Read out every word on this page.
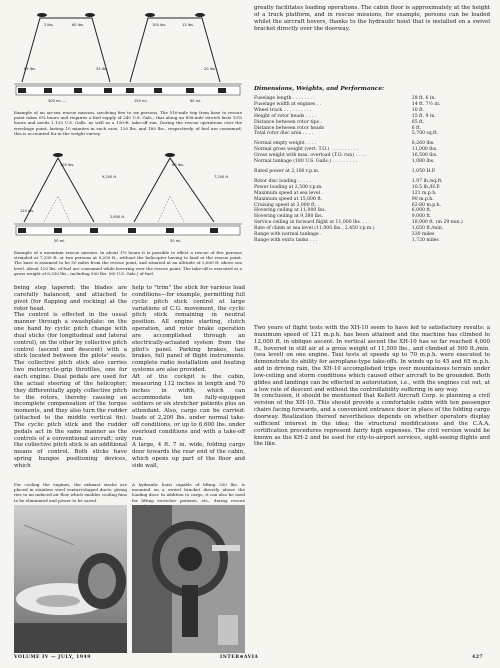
2 lbs.	60 lbs.	100 lbs.	13 lbs.
89 lbs.	53 lbs.	20 lbs.
300 mi. ---	150 mi.	60 mi.
Example of an air-sea rescue mission, involving five to six persons. The 516-mile trip from base to rescue point takes 6¼ hours and requires a fuel supply of 240 U.S. Gals.; that along an 858-mile stretch lasts 10¾ hours and needs 1,120 U.S. Galls. as well as a 150-ft. take-off run. During the rescue operations over the wreckage point, lasting 10 minutes in each case, 120 lbs. and 180 lbs., respectively, of fuel are consumed; this is accounted for in the weight survey.
300 lbs.	60 lbs.
120 lbs.
9,200 ft.	7,200 ft.
2,600 ft.
50 mi.	50 mi.
Example of a mountain rescue mission. In about 1½ hours it is possible to effect a rescue of five persons stranded at 7,200 ft. or two persons at 9,200 ft., without the helicopter having to land at the rescue point. The base is assumed to be 50 miles from the rescue point, and situated at an altitude of 2,600 ft. above sea level. About 120 lbs. of fuel are consumed while hovering over the rescue point. The take-off is executed at a gross weight of 8,330 lbs., including 500 lbs. (60 U.S. Gals.) of fuel.
being step tapered; the blades are carefully balanced, and attached to pivot (for flapping and rocking) at the rotor head.
The control is effected in the usual manner through a swashplate: on the one hand by cyclic pitch change with dual sticks (for longitudinal and lateral control), on the other by collective pitch control (ascent and descent) with a stick located between the pilots' seats. The collective pitch stick also carries two motorcycle-grip throttles, one for each engine. Dual pedals are used for the actual steering of the helicopter; they differentially apply collective pitch to the rotors, thereby causing an incomplete compensation of the torque moments, and they also turn the rudder (attached to the middle vertical fin). The cyclic pitch stick and the rudder pedals act in the same manner as the controls of a conventional aircraft; only the collective pitch stick is an additional means of control. Both sticks have spring bungee positioning devices, which
help to "trim" the stick for various load conditions—for example, permitting full cyclic pitch stick control at large variations of C.G. movement, the cyclic pitch stick remaining in neutral position. All engine starting, clutch operation, and rotor brake operation are accomplished through an electrically-actuated system from the pilot's panel. Parking brakes, taxi brakes, full panel of flight instruments, complete radio installation and heating systems are also provided.
Aft of the cockpit is the cabin, measuring 112 inches in length and 70 inches in width, which can accommodate ten fully-equipped soldiers or six stretcher patients plus an attendant. Also, cargo can be carried: loads of 2,200 lbs. under normal take-off conditions, or up to 6,600 lbs. under overload conditions and with a take-off run.
A large, 4 ft. 7 in. wide, folding cargo door towards the rear end of the cabin, which opens up part of the floor and side wall,
For cooling the engines, the exhaust stacks are placed in stainless steel venturi-shaped ducts, giving rise to an induced air flow which enables cooling fans to be eliminated and power to be saved.
A hydraulic hoist capable of lifting 250 lbs. is mounted on a swivel bracket directly above the loading door. In addition to cargo, it can also be used for lifting stretcher patients, etc., during rescue
greatly facilitates loading operations. The cabin floor is approximately at the height of a truck platform, and in rescue missions, for example, persons can be loaded whilst the aircraft hovers, thanks to the hydraulic hoist that is installed on a swivel bracket directly over the doorway.
Dimensions, Weights, and Performance:
Fuselage length . . . . . . . .	28 ft. 6 in.
Fuselage width at engines . .	14 ft. 7½ in.
Wheel track . . . . . . . . . .	10 ft.
Height of rotor heads . . . .	15 ft. 9 in.
Distance between rotor tips .	65 ft.
Distance between rotor heads	6 ft.
Total rotor disc area . . . .	5,700 sq.ft.

Normal empty weight . . . .	8,260 lbs.
Normal gross weight (vert. T.O.) . . . . . . . . . .	11,000 lbs.
Gross weight with max. overload (T.O. run) . . . .	16,500 lbs.
Normal tankage (180 U.S. Galls.) . . . . . . . . .	1,080 lbs.

Rated power at 2,100 r.p.m.	1,050 H.P.

Rotor disc loading . . . . .	1.97 lb./sq.ft.
Power loading at 2,500 r.p.m.	10.5 lb./H.P.
Maximum speed at sea level .	121 m.p.h.
Maximum speed at 15,000 ft.	90 m.p.h.
Cruising speed at 3,000 ft. .	62-80 m.p.h.
Hovering ceiling at 11,000 lbs.	6,000 ft.
Hovering ceiling at 9,380 lbs.	9,000 ft.
Service ceiling in forward flight at 11,000 lbs. . . .	18,000 ft. (in 29 min.)
Rate of climb at sea level (11,000 lbs., 2,450 r.p.m.)	1,650 ft./min.
Range with normal tankage .	330 miles
Range with extra tanks . . .	1,720 miles
Two years of flight tests with the XH-10 seem to have led to satisfactory results: a maximum speed of 121 m.p.h. has been attained and the machine has climbed to 12,000 ft. in oblique ascent. In vertical ascent the XH-10 has so far reached 4,000 ft., hovered in still air at a gross weight of 11,500 lbs., and climbed at 500 ft./min. (sea level) on one engine. Taxi tests at speeds up to 70 m.p.h. were executed to demonstrate its ability for aeroplane-type take-offs. In winds up to 45 and 65 m.p.h. and in driving rain, the XH-10 accomplished trips over mountainous terrain under low-ceiling and storm conditions which caused other aircraft to be grounded. Both glides and landings can be effected in autorotation, i.e., with the engines cut out, at a low rate of descent and without the controllability suffering in any way.
In conclusion, it should be mentioned that Kellett Aircraft Corp. is planning a civil version of the XH-10. This should provide a comfortable cabin with ten passenger chairs facing forwards, and a convenient entrance door in place of the folding cargo doorway. Realization thereof nevertheless depends on whether operators display sufficient interest in the idea; the structural modifications and the C.A.A. certification procedures represent fairly high expenses. The civil version would be known as the KH-2 and be used for city-to-airport services, sight-seeing flights and the like.
VOLUME IV — JULY, 1949	INTER⊛AVIA	427
